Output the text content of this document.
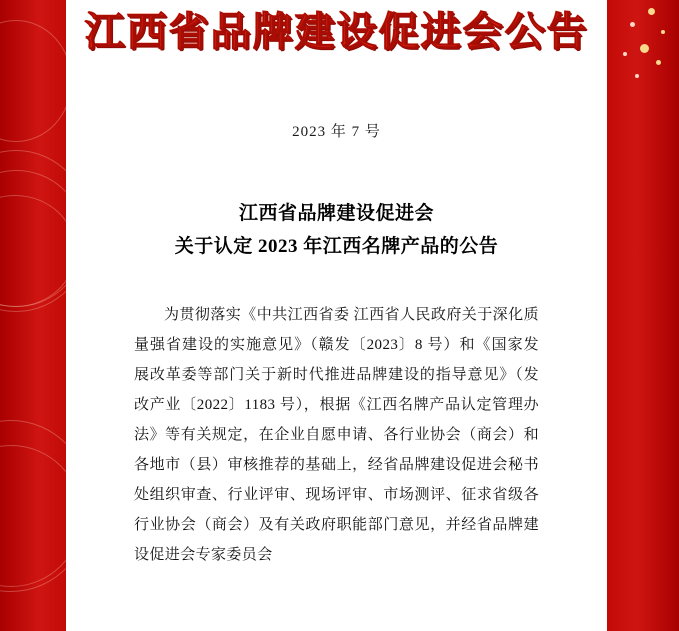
江西省品牌建设促进会公告
2023 年 7 号
江西省品牌建设促进会
关于认定 2023 年江西名牌产品的公告

为贯彻落实《中共江西省委 江西省人民政府关于深化质量强省建设的实施意见》（赣发〔2023〕8 号）和《国家发展改革委等部门关于新时代推进品牌建设的指导意见》（发改产业〔2022〕1183 号），根据《江西名牌产品认定管理办法》等有关规定，在企业自愿申请、各行业协会（商会）和各地市（县）审核推荐的基础上，经省品牌建设促进会秘书处组织审查、行业评审、现场评审、市场测评、征求省级各行业协会（商会）及有关政府职能部门意见，并经省品牌建设促进会专家委员会
